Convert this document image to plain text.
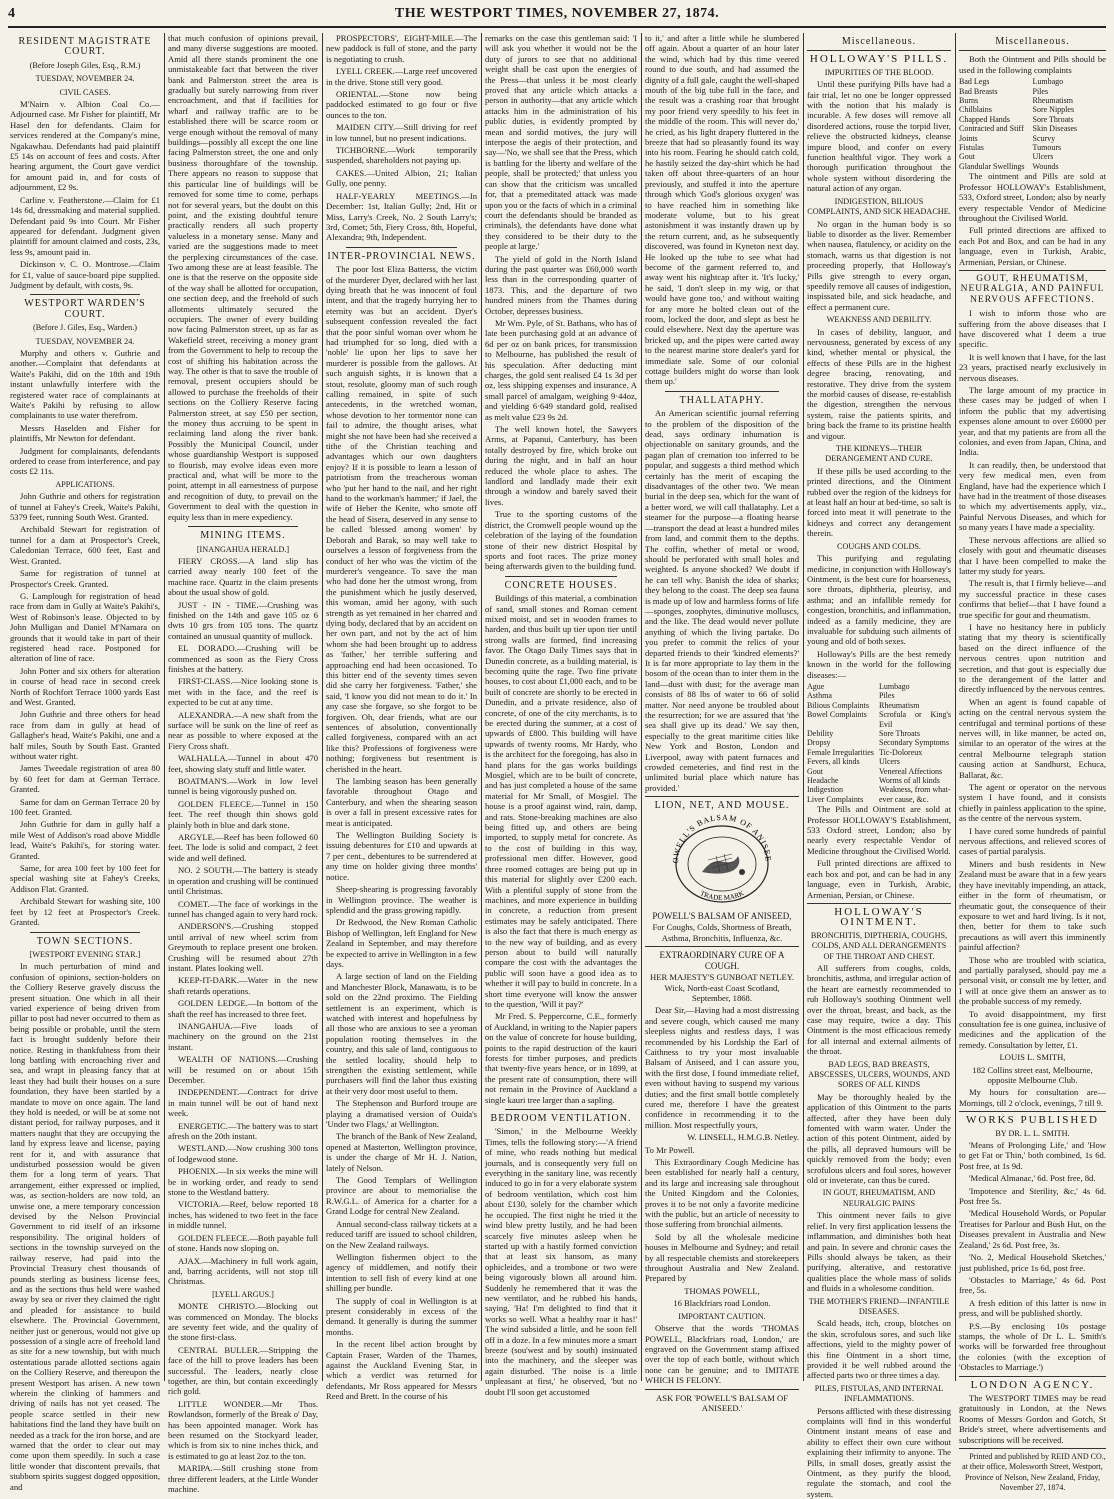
4	THE WESTPORT TIMES, NOVEMBER 27, 1874.
RESIDENT MAGISTRATE COURT.
(Before Joseph Giles, Esq., R.M.)
TUESDAY, NOVEMBER 24.
CIVIL CASES.

M'Nairn v. Albion Coal Co.—Adjourned case. Mr Fisher for plaintiff, Mr Hasel den for defendants. Claim for services rendered at the Company's mine, Ngakawhau. Defendants had paid plaintiff £5 14s on account of fees and costs. After hearing argument, the Court gave verdict for amount paid in, and for costs of adjournment, £2 9s.

Carline v. Featherstone.—Claim for £1 14s 6d, dressmaking and material supplied. Defendant paid 9s into Court. Mr Fisher appeared for defendant. Judgment given plaintiff for amount claimed and costs, 23s, less 9s, amount paid in.

Dickinson v. C. O. Montrose.—Claim for £1, value of sauce-board pipe supplied. Judgment by default, with costs, 9s.

WESTPORT WARDEN'S COURT.
(Before J. Giles, Esq., Warden.)
TUESDAY, NOVEMBER 24.

Murphy and others v. Guthrie and another.—Complaint that defendants at Waite's Pakihi, did on the 18th and 19th instant unlawfully interfere with the registered water race of complainants at Waite's Pakihi by refusing to allow complainants to use water therefrom.

Messrs Haselden and Fisher for plaintiffs, Mr Newton for defendant.

Judgment for complainants, defendants ordered to cease from interference, and pay costs £2 11s.

APPLICATIONS.

John Guthrie and others for registration of tunnel at Fahey's Creek, Waite's Pakihi, 5379 feet, running South West. Granted.

Archibald Stewart for registration of tunnel for a dam at Prospector's Creek, Caledonian Terrace, 600 feet, East and West. Granted.

Same for registration of tunnel at Prospector's Creek. Granted.

G. Lamplough for registration of head race from dam in Gully at Waite's Pakihi's, West of Robinson's lease. Objected to by John Mulligan and Daniel M'Namara on grounds that it would take in part of their registered head race. Postponed for alteration of line of race.

John Potter and six others for alteration in course of head race in second creek North of Rochfort Terrace 1000 yards East and West. Granted.

John Guthrie and three others for head race from dam in gully at head of Gallagher's head, Waite's Pakihi, one and a half miles, South by South East. Granted without water right.

James Tweedale registration of area 80 by 60 feet for dam at German Terrace. Granted.

Same for dam on German Terrace 20 by 100 feet. Granted.

John Guthrie for dam in gully half a mile West of Addison's road above Middle lead, Waite's Pakihi's, for storing water. Granted.

Same, for area 100 feet by 100 feet for special washing site at Fahey's Creeks, Addison Flat. Granted.

Archibald Stewart for washing site, 100 feet by 12 feet at Prospector's Creek. Granted.

TOWN SECTIONS.
[WESTPORT EVENING STAR.]

In much perturbation of mind and confusion of opinions, section-holders on the Colliery Reserve gravely discuss the present situation. One which in all their varied experience of being driven from pillar to post had never occurred to them as being possible or probable, until the stern fact is brought suddenly before their notice. Resting in thankfulness from their long battling with encroaching river and sea, and wrapt in pleasing fancy that at least they had built their houses on a sure foundation, they have been startled by a mandate to move on once again. The land they hold is needed, or will be at some not distant period, for railway purposes, and it matters naught that they are occupying the land by express leave and license, paying rent for it, and with assurance that undisturbed possession would be given them for a long term of years. That arrangement, either expressed or implied, was, as section-holders are now told, an unwise one, a mere temporary concession devised by the Nelson Provincial Government to rid itself of an irksome responsibility. The original holders of sections in the township surveyed on the railway reserve, had paid into the Provincial Treasury chest thousands of pounds sterling as business license fees, and as the sections thus held were washed away by sea or river they claimed the right and pleaded for assistance to build elsewhere. The Provincial Government, neither just or generous, would not give up possession of a single acre of freehold land as site for a new township, but with much ostentatious parade allotted sections again on the Colliery Reserve, and thereupon the present Westport has arisen. A new town wherein the clinking of hammers and driving of nails has not yet ceased. The people scarce settled in their new habitations find the land they have built on needed as a track for the iron horse, and are warned that the order to clear out may come upon them speedily. In such a case little wonder that discontent prevails, that stubborn spirits suggest dogged opposition, and

that much confusion of opinions prevail, and many diverse suggestions are mooted. Amid all there stands prominent the one unmistakeable fact that between the river bank and Palmerston street the area is gradually but surely narrowing from river encroachment, and that if facilities for wharf and railway traffic are to be established there will be scarce room or verge enough without the removal of many buildings—possibly all except the one line facing Palmerston street, the one and only business thoroughfare of the township. There appears no reason to suppose that this particular line of buildings will be removed for some time to come, perhaps not for several years, but the doubt on this point, and the existing doubtful tenure practically renders all such property valueless in a monetary sense. Many and varied are the suggestions made to meet the perplexing circumstances of the case. Two among these are at least feasible. The one is that the reserve on the opposite side of the way shall be allotted for occupation, one section deep, and the freehold of such allotments ultimately secured the occupiers. The owner of every building now facing Palmerston street, up as far as Wakefield street, receiving a money grant from the Government to help to recoup the cost of shifting his habitation across the way. The other is that to save the trouble of removal, present occupiers should be allowed to purchase the freeholds of their sections on the Colliery Reserve facing Palmerston street, at say £50 per section, the money thus accruing to be spent in reclaiming land along the river bank. Possibly the Municipal Council, under whose guardianship Westport is supposed to flourish, may evolve ideas even more practical and, what will be more to the point, attempt in all earnestness of purpose and recognition of duty, to prevail on the Government to deal with the question in equity less than in mere expediency.

MINING ITEMS.
[INANGAHUA HERALD.]

FIERY CROSS.—A land slip has carried away nearly 100 feet of the machine race. Quartz in the claim presents about the usual show of gold.

JUST - IN - TIME.—Crushing was finished on the 14th and gave 105 oz 6 dwts 10 grs from 105 tons. The quartz contained an unusual quantity of mullock.

EL DORADO.—Crushing will be commenced as soon as the Fiery Cross finishes at the battery.

FIRST-CLASS.—Nice looking stone is met with in the face, and the reef is expected to be cut at any time.

ALEXANDRA.—A new shaft from the surface will be sunk on the line of reef as near as possible to where exposed at the Fiery Cross shaft.

WALHALLA.—Tunnel in about 470 feet, showing slaty stuff and little water.

BOATMAN'S.—Work in low level tunnel is being vigorously pushed on.

GOLDEN FLEECE.—Tunnel in 150 feet. The reef though thin shows gold plainly both in blue and dark stone.

ARGYLE.—Reef has been followed 60 feet. The lode is solid and compact, 2 feet wide and well defined.

NO. 2 SOUTH.—The battery is steady in operation and crushing will be continued until Christmas.

COMET.—The face of workings in the tunnel has changed again to very hard rock.

ANDERSON'S.—Crushing stopped until arrival of new wheel scrim from Greymouth to replace present one broken. Crushing will be resumed about 27th instant. Plates looking well.

KEEP-IT-DARK.—Water in the new shaft retards operations.

GOLDEN LEDGE.—In bottom of the shaft the reef has increased to three feet.

INANGAHUA.—Five loads of machinery on the ground on the 21st instant.

WEALTH OF NATIONS.—Crushing will be resumed on or about 15th December.

INDEPENDENT.—Contract for drive in main tunnel will be out of hand next week.

ENERGETIC.—The battery was to start afresh on the 20th instant.

WESTLAND.—Now crushing 300 tons of lodgewood stone.

PHOENIX.—In six weeks the mine will be in working order, and ready to send stone to the Westland battery.

VICTORIA.—Reef, below reported 18 inches, has widened to two feet in the face in middle tunnel.

GOLDEN FLEECE.—Both payable full of stone. Hands now sloping on.

AJAX.—Machinery in full work again, and, barring accidents, will not stop till Christmas.

[LYELL ARGUS.]

MONTE CHRISTO.—Blocking out was commenced on Monday. The blocks are seventy feet wide, and the quality of the stone first-class.

CENTRAL BULLER.—Stripping the face of the hill to prove leaders has been successful. The leaders, nearly close together, are thin, but contain exceedingly rich gold.

LITTLE WONDER.—Mr Thos. Rowlandson, formerly of the Break o' Day, has been appointed manager. Work has been resumed on the Stockyard leader, which is from six to nine inches thick, and is estimated to go at least 2oz to the ton.

MARIPA.—Still crushing stone from three different leaders, at the Little Wonder machine.

PROSPECTORS', EIGHT-MILE.—The new paddock is full of stone, and the party is negotiating to crush.

LYELL CREEK.—Large reef uncovered in the drive. Stone still very good.

ORIENTAL.—Stone now being paddocked estimated to go four or five ounces to the ton.

MAIDEN CITY.—Still driving for reef in low tunnel, but no present indications.

TICHBORNE.—Work temporarily suspended, shareholders not paying up.

CAKES.—United Albion, 21; Italian Gully, one penny.

HALF-YEARLY MEETINGS.—In December: 1st, Italian Gully; 2nd, Hit or Miss, Larry's Creek, No. 2 South Larry's; 3rd, Comet; 5th, Fiery Cross, 8th, Hopeful, Alexandra; 9th, Independent.

INTER-PROVINCIAL NEWS.

The poor lost Eliza Batterss, the victim of the murderer Dyer, declared with her last dying breath that he was innocent of foul intent, and that the tragedy hurrying her to eternity was but an accident. Dyer's subsequent confession revealed the fact that the poor sinful woman over whom he had triumphed for so long, died with a 'noble' lie upon her lips to save her murderer is possible from the gallows. At such anguish sights, it is known that a stout, resolute, gloomy man of such rough calling remained, in spite of such antecedents, in the wretched woman, whose devotion to her tormentor none can fail to admire, the thought arises, what might she not have been had she received a tithe of the Christian teaching and advantages which our own daughters enjoy? If it is possible to learn a lesson of patriotism from the treacherous woman who 'put her hand to the nail, and her right hand to the workman's hammer;' if Jael, the wife of Heber the Kenite, who smote off the head of Sisera, deserved in any sense to be called 'blessed among women' by Deborah and Barak, so may well take to ourselves a lesson of forgiveness from the conduct of her who was the victim of the murderer's vengeance. To save the man who had done her the utmost wrong, from the punishment which he justly deserved, this woman, amid her agony, with such strength as yet remained in her charred and dying body, declared that by an accident on her own part, and not by the act of him whom she had been brought up to address as 'father,' her terrible suffering and approaching end had been occasioned. To this bitter end of the seventy times seven did she carry her forgiveness. 'Father,' she said, 'I know you did not mean to do it.' In any case she forgave, so she forgot to be forgiven. Oh, dear friends, what are our sentences of absolution, conventionally called forgiveness, compared with an act like this? Professions of forgiveness were nothing; forgiveness but resentment is cherished in the heart.

The lambing season has been generally favorable throughout Otago and Canterbury, and when the shearing season is over a fall in present excessive rates for meat is anticipated.

The Wellington Building Society is issuing debentures for £10 and upwards at 7 per cent., debentures to be surrendered at any time on holder giving three months' notice.

Sheep-shearing is progressing favorably in Wellington province. The weather is splendid and the grass growing rapidly.

Dr Redwood, the New Roman Catholic Bishop of Wellington, left England for New Zealand in September, and may therefore be expected to arrive in Wellington in a few days.

A large section of land on the Fielding and Manchester Block, Manawatu, is to be sold on the 22nd proximo. The Fielding settlement is an experiment, which is watched with interest and hopefulness by all those who are anxious to see a yeoman population rooting themselves in the country, and this sale of land, contiguous to the settled locality, should help to strengthen the existing settlement, while purchasers will find the labor thus existing at their very door most useful to them.

The Stephenson and Burford troupe are playing a dramatised version of Ouida's 'Under two Flags,' at Wellington.

The branch of the Bank of New Zealand, opened at Masterton, Wellington province, is under the charge of Mr H. J. Nation, lately of Nelson.

The Good Templars of Wellington province are about to memorialise the R.W.G.L. of America for a charter for a Grand Lodge for central New Zealand.

Annual second-class railway tickets at a reduced tariff are issued to school children, on the New Zealand railways.

Wellington fishermen object to the agency of middlemen, and notify their intention to sell fish of every kind at one shilling per bundle.

The supply of coal in Wellington is at present considerably in excess of the demand. It generally is during the summer months.

In the recent libel action brought by Captain Fraser, Warden of the Thames, against the Auckland Evening Star, in which a verdict was returned for defendants, Mr Ross appeared for Messrs Reed and Brett. In the course of his

remarks on the case this gentleman said: 'I will ask you whether it would not be the duty of jurors to see that no additional weight shall be cast upon the energies of the Press—that unless it be most clearly proved that any article which attacks a person in authority—that any article which attacks him in the administration of his public duties, is evidently prompted by mean and sordid motives, the jury will interpose the aegis of their protection, and say—'No, we shall see that the Press, which is battling for the liberty and welfare of the people, shall be protected;' that unless you can show that the criticism was uncalled for, that a premeditated attack was made upon you or the facts of which in a criminal court the defendants should be branded as criminals), the defendants have done what they considered to be their duty to the people at large.'

The yield of gold in the North Island during the past quarter was £60,000 worth less than in the corresponding quarter of 1873. This, and the departure of two hundred miners from the Thames during October, depresses business.

Mr Wm. Pyle, of St. Bathans, who has of late been purchasing gold at an advance of 6d per oz on bank prices, for transmission to Melbourne, has published the result of his speculation. After deducting mint charges, the gold sent realised £4 1s 3d per oz, less shipping expenses and insurance. A small parcel of amalgam, weighing 9·44oz, and yielding 6·649 standard gold, realised as melt value £23 9s 2d.

The well known hotel, the Sawyers Arms, at Papanui, Canterbury, has been totally destroyed by fire, which broke out during the night, and in half an hour reduced the whole place to ashes. The landlord and landlady made their exit through a window and barely saved their lives.

True to the sporting customs of the district, the Cromwell people wound up the celebration of the laying of the foundation stone of their new district Hospital by sports and foot races. The prize money being afterwards given to the building fund.

CONCRETE HOUSES.

Buildings of this material, a combination of sand, small stones and Roman cement mixed moist, and set in wooden frames to harden, and thus built up tier upon tier until strong walls are formed, find increasing favor. The Otago Daily Times says that in Dunedin concrete, as a building material, is becoming quite the rage. Two fine private houses, to cost about £1,000 each, and to be built of concrete are shortly to be erected in Dunedin, and a private residence, also of concrete, of one of the city merchants, is to be erected during the summer, at a cost of upwards of £800. This building will have upwards of twenty rooms. Mr Hardy, who is the architect for the foregoing, has also in hand plans for the gas works buildings Mosgiel, which are to be built of concrete, and has just completed a house of the same material for Mr Small, of Mosgiel. The house is a proof against wind, rain, damp, and rats. Stone-breaking machines are also being fitted up, and others are being imported, to supply metal for concrete. As to the cost of building in this way, professional men differ. However, good three roomed cottages are being put up in this material for slightly over £200 each. With a plentiful supply of stone from the machines, and more experience in building in concrete, a reduction from present estimates may be safely anticipated. There is also the fact that there is much energy as to the new way of building, and as every person about to build will naturally compare the cost with the advantages the public will soon have a good idea as to whether it will pay to build in concrete. In a short time everyone will know the answer to the question, 'Will it pay?'

Mr Fred. S. Peppercorne, C.E., formerly of Auckland, in writing to the Napier papers on the value of concrete for house building, points to the rapid destruction of the kauri forests for timber purposes, and predicts that twenty-five years hence, or in 1899, at the present rate of consumption, there will not remain in the Province of Auckland a single kauri tree larger than a sapling.

BEDROOM VENTILATION.

'Simon,' in the Melbourne Weekly Times, tells the following story:—'A friend of mine, who reads nothing but medical journals, and is consequently very full on everything in the sanitary line, was recently induced to go in for a very elaborate system of bedroom ventilation, which cost him about £130, solely for the chamber which he occupied. The first night he tried it the wind blew pretty lustily, and he had been scarcely five minutes asleep when he started up with a hastily formed conviction that at least six hansom, as many ophicleides, and a trombone or two were being vigorously blown all around him. Suddenly he remembered that it was the new ventilator, and he rubbed his hands, saying, 'Ha! I'm delighted to find that it works so well. What a healthy roar it has!' The wind subsided a little, and he soon fell off in a doze. In a few minutes more a smart breeze (sou'west and by south) insinuated into the machinery, and the sleeper was again disturbed. 'The noise is a little unpleasant at first,' he observed, 'but no doubt I'll soon get accustomed

to it,' and after a little while he slumbered off again. About a quarter of an hour later the wind, which had by this time veered round to due south, and had assumed the dignity of a full gale, caught the well-shaped mouth of the big tube full in the face, and the result was a crashing roar that brought my poor friend very speedily to his feet in the middle of the room. This will never do,' he cried, as his light drapery fluttered in the breeze that had so pleasantly found its way into his room. Fearing he should catch cold, he hastily seized the day-shirt which he had taken off about three-quarters of an hour previously, and stuffed it into the aperture through which 'God's glorious oxygen' was to have reached him in something like moderate volume, but to his great astonishment it was instantly drawn up by the return current, and, as he subsequently discovered, was found in Kyneton next day. He looked up the tube to see what had become of the garment referred to, and away went his nightcap after it. 'It's lucky,' he said, 'I don't sleep in my wig, or that would have gone too,' and without waiting for any more he bolted clean out of the room, locked the door, and slept as best he could elsewhere. Next day the aperture was bricked up, and the pipes were carted away to the nearest marine store dealer's yard for immediate sale. Some of our colonial cottage builders might do worse than look them up.'

THALLATAPHY.

An American scientific journal referring to the problem of the disposition of the dead, says ordinary inhumation is objectionable on sanitary grounds, and the pagan plan of cremation too inferred to be popular, and suggests a third method which certainly has the merit of escaping the disadvantages of the other two. 'We mean burial in the deep sea, which for the want of a better word, we will call thallataphy. Let a steamer for the purpose—a floating hearse—transport the dead at least a hundred miles from land, and commit them to the depths. The coffin, whether of metal or wood, should be perforated with small holes and weighted. Is anyone shocked? We doubt if he can tell why. Banish the idea of sharks; they belong to the coast. The deep sea fauna is made up of low and harmless forms of life—sponges, zoophytes, diminutive molluscs, and the like. The dead would never pollute anything of which the living partake. Do you prefer to commit the relics of your departed friends to their 'kindred elements?' It is far more appropriate to lay them in the bosom of the ocean than to inter them in the land—dust with dust; for the average man consists of 88 lbs of water to 66 of solid matter. Nor need anyone be troubled about the resurrection; for we are assured that 'the sea shall give up its dead.' We say then, especially to the great maritime cities like New York and Boston, London and Liverpool, away with patent furnaces and crowded cemeteries, and find rest in the unlimited burial place which nature has provided.'

LION, NET, AND MOUSE.
OWELL'S BALSAM OF ANISEE
TRADE MARK
POWELL'S BALSAM OF ANISEED,

For Coughs, Colds, Shortness of Breath, Asthma, Bronchitis, Influenza, &c.

EXTRAORDINARY CURE OF A COUGH.

HER MAJESTY'S GUNBOAT NETLEY. Wick, North-east Coast Scotland, September, 1868.

Dear Sir,—Having had a most distressing and severe cough, which caused me many sleepless nights and restless days, I was recommended by his Lordship the Earl of Caithness to try your most invaluable Balsam of Aniseed, and I can assure you, with the first dose, I found immediate relief, even without having to suspend my various duties; and the first small bottle completely cured me, therefore I have the greatest confidence in recommending it to the million. Most respectfully yours,

W. LINSELL, H.M.G.B. Netley.

To Mr Powell.

This Extraordinary Cough Medicine has been established for nearly half a century, and its large and increasing sale throughout the United Kingdom and the Colonies, proves it to be not only a favorite medicine with the public, but an article of necessity to those suffering from bronchial ailments.

Sold by all the wholesale medicine houses in Melbourne and Sydney; and retail by all respectable chemists and storekeepers throughout Australia and New Zealand. Prepared by

THOMAS POWELL,

16 Blackfriars road London.

IMPORTANT CAUTION.

Observe that the words 'THOMAS POWELL, Blackfriars road, London,' are engraved on the Government stamp affixed over the top of each bottle, without which none can be genuine; and to IMITATE WHICH IS FELONY.

ASK FOR 'POWELL'S BALSAM OF ANISEED.'

Miscellaneous.
HOLLOWAY'S PILLS.
IMPURITIES OF THE BLOOD.

Until these purifying Pills have had a fair trial, let no one be longer oppressed with the notion that his malady is incurable. A few doses will remove all disordered actions, rouse the torpid liver, relieve the obstructed kidneys, cleanse impure blood, and confer on every function healthful vigor. They work a thorough purification throughout the whole system without disordering the natural action of any organ.

INDIGESTION, BILIOUS COMPLAINTS, AND SICK HEADACHE.

No organ in the human body is so liable to disorder as the liver. Remember when nausea, flatulency, or acidity on the stomach, warns us that digestion is not proceeding properly, that Holloway's Pills give strength to every organ, speedily remove all causes of indigestion, inspissated bile, and sick headache, and effect a permanent cure.

WEAKNESS AND DEBILITY.

In cases of debility, languor, and nervousness, generated by excess of any kind, whether mental or physical, the effects of these Pills are in the highest degree bracing, renovating, and restorative. They drive from the system the morbid causes of disease, re-establish the digestion, strengthen the nervous system, raise the patients spirits, and bring back the frame to its pristine health and vigour.

THE KIDNEYS—THEIR DERANGEMENT AND CURE.

If these pills be used according to the printed directions, and the Ointment rubbed over the region of the kidneys for at least half an hour at bed-time, so salt is forced into meat it will penetrate to the kidneys and correct any derangement therein.

COUGHS AND COLDS.

This purifying and regulating medicine, in conjunction with Holloway's Ointment, is the best cure for hoarseness, sore throats, diphtheria, pleurisy, and asthma; and an infallible remedy for congestion, bronchitis, and inflammation, indeed as a family medicine, they are invaluable for subduing such ailments of young and old of both sexes.

Holloway's Pills are the best remedy known in the world for the following diseases:—

Ague	Lumbago
Asthma	Piles
Bilious Complaints	Rheumatism
Bowel Complaints	Scrofula or King's Evil
Debility	Sore Throats
Dropsy	Secondary Symptoms
Female Irregularities Tic-Doloreux
Fevers, all kinds	Ulcers
Gout	Venereal Affections
Headache	Worms of all kinds
Indigestion	Weakness, from what-
Liver Complaints	ever cause, &c.

The Pills and Ointment are sold at Professor HOLLOWAY'S Establishment, 533 Oxford street, London; also by nearly every respectable Vendor of Medicine throughout the Civilised World.

Full printed directions are affixed to each box and pot, and can be had in any language, even in Turkish, Arabic, Armenian, Persian, or Chinese.

HOLLOWAY'S OINTMENT.
BRONCHITIS, DIPTHERIA, COUGHS, COLDS, AND ALL DERANGEMENTS OF THE THROAT AND CHEST.

All sufferers from coughs, colds, bronchitis, asthma, and irregular action of the heart are earnestly recommended to rub Holloway's soothing Ointment well over the throat, breast, and back, as the case may require, twice a day. This Ointment is the most efficacious remedy for all internal and external ailments of the throat.

BAD LEGS, BAD BREASTS, ABSCESSES, ULCERS, WOUNDS, AND SORES OF ALL KINDS

May be thoroughly healed by the application of this Ointment to the parts affected, after they have been duly fomented with warm water. Under the action of this potent Ointment, aided by the pills, all depraved humours will be quickly removed from the body; even scrofulous ulcers and foul sores, however old or inveterate, can thus be cured.

IN GOUT, RHEUMATISM, AND NEURALGIC PAINS

This ointment never fails to give relief. In very first application lessens the inflammation, and diminishes both heat and pain. In severe and chronic cases the Pills should always be taken, as their purifying, alterative, and restorative qualities place the whole mass of solids and fluids in a wholesome condition.

THE MOTHER'S FRIEND—INFANTILE DISEASES.

Scald heads, itch, croup, blotches on the skin, scrofulous sores, and such like affections, yield to the mighty power of this fine Ointment in a short time, provided it be well rubbed around the affected parts two or three times a day.

PILES, FISTULAS, AND INTERNAL INFLAMMATIONS.

Persons afflicted with these distressing complaints will find in this wonderful Ointment instant means of ease and ability to effect their own cure without explaining their infirmity to anyone. The Pills, in small doses, greatly assist the Ointment, as they purify the blood, regulate the stomach, and cool the system.

Miscellaneous.

Both the Ointment and Pills should be used in the following complaints

Bad Legs	Lumbago
Bad Breasts	Piles
Burns	Rheumatism
Chilblains	Sore Nipples
Chapped Hands	Sore Throats
Contracted and Stiff	Skin Diseases
Joints	Scurvy
Fistulas	Tumours
Gout	Ulcers
Glandular Swellings Wounds

The ointment and Pills are sold at Professor HOLLOWAY's Establishment, 533, Oxford street, London; also by nearly every respectable Vendor of Medicine throughout the Civilised World.

Full printed directions are affixed to each Pot and Box, and can be had in any language, even in Turkish, Arabic, Armenian, Persian, or Chinese.

GOUT, RHEUMATISM, NEURALGIA, AND PAINFUL NERVOUS AFFECTIONS.

I wish to inform those who are suffering from the above diseases that I have discovered what I deem a true specific.

It is well known that I have, for the last 23 years, practised nearly exclusively in nervous diseases.

The large amount of my practice in these cases may be judged of when I inform the public that my advertising expenses alone amount to over £6000 per year, and that my patients are from all the colonies, and even from Japan, China, and India.

It can readily, then, be understood that very few medical men, even from England, have had the experience which I have had in the treatment of those diseases to which my advertisements apply, viz., Painful Nervous Diseases, and which for so many years I have made a speciality.

These nervous affections are allied so closely with gout and rheumatic diseases that I have been compelled to make the latter my study for years.

The result is, that I firmly believe—and my successful practice in these cases confirms that belief—that I have found a true specific for gout and rheumatism.

I have no hesitancy here in publicly stating that my theory is scientifically based on the direct influence of the nervous centres upon nutrition and secretion, and that gout is especially due to the derangement of the latter and directly influenced by the nervous centres.

When an agent is found capable of acting on the central nervous system the centrifugal and terminal portions of these nerves will, in like manner, be acted on, similar to an operator of the wires at the central Melbourne telegraph station causing action at Sandhurst, Echuca, Ballarat, &c.

The agent or operator on the nervous system I have found, and it consists chiefly in painless application to the spine, as the centre of the nervous system.

I have cured some hundreds of painful nervous affections, and relieved scores of cases of partial paralysis.

Miners and bush residents in New Zealand must be aware that in a few years they have inevitably impending, an attack, either in the form of rheumatism, or rheumatic gout, the consequence of their exposure to wet and hard living. Is it not, then, better for them to take such precautions as will avert this imminently painful affection?

Those who are troubled with sciatica, and partially paralysed, should pay me a personal visit, or consult me by letter, and I will at once give them an answer as to the probable success of my remedy.

To avoid disappointment, my first consultation fee is one guinea, inclusive of medicines and the application of the remedy. Consultation by letter, £1.

LOUIS L. SMITH,

182 Collins street east, Melbourne, opposite Melbourne Club.

My hours for consultation are—Mornings, till 2 o'clock, evenings, 7 till 9.

WORKS PUBLISHED
BY DR. L. L. SMITH.

'Means of Prolonging Life,' and 'How to get Fat or Thin,' both combined, 1s 6d. Post free, at 1s 9d.

'Medical Almanac,' 6d. Post free, 8d.

'Impotence and Sterility, &c,' 4s 6d. Post free 5s.

'Medical Household Words, or Popular Treatises for Parlour and Bush Hut, on the Diseases prevalent in Australia and New Zealand,' 2s 6d. Post free, 3s.

'No. 2, Medical Household Sketches,' just published, price 1s 6d, post free.

'Obstacles to Marriage,' 4s 6d. Post free, 5s.

A fresh edition of this latter is now in press, and will be published shortly.

P.S.—By enclosing 10s postage stamps, the whole of Dr L. L. Smith's works will be forwarded free throughout the colonies (with the exception of 'Obstacles to Marriage.')

LONDON AGENCY.

The WESTPORT TIMES may be read gratuitously in London, at the News Rooms of Messrs Gordon and Gotch, St Bride's street, where advertisements and subscriptions will be received.

Printed and published by REID AND CO., at their office, Molesworth Street, Westport, Province of Nelson, New Zealand, Friday, November 27, 1874.
